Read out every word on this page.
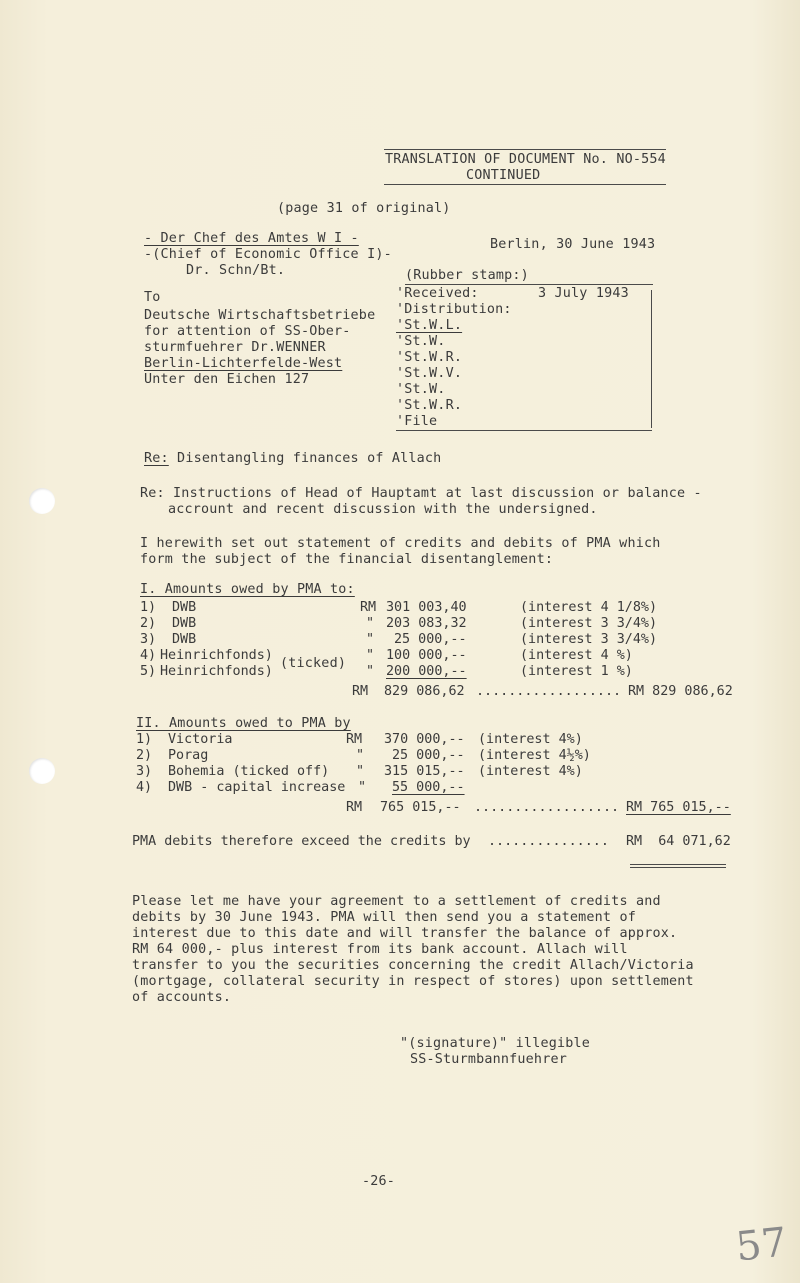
TRANSLATION OF DOCUMENT No. NO-554
CONTINUED
(page 31 of original)
- Der Chef des Amtes W I -
-(Chief of Economic Office I)-
Dr. Schn/Bt.
Berlin, 30 June 1943
To
Deutsche Wirtschaftsbetriebe
for attention of SS-Ober-
sturmfuehrer Dr.WENNER
Berlin-Lichterfelde-West
Unter den Eichen 127
(Rubber stamp:)
'Received:	3 July 1943
'Distribution:
'St.W.L.
'St.W.
'St.W.R.
'St.W.V.
'St.W.
'St.W.R.
'File
Re: Disentangling finances of Allach
Re: Instructions of Head of Hauptamt at last discussion or balance -
accrount and recent discussion with the undersigned.
I herewith set out statement of credits and debits of PMA which
form the subject of the financial disentanglement:
I. Amounts owed by PMA to:
1) DWB	RM 301 003,40	(interest 4 1/8%)
2) DWB	" 203 083,32	(interest 3 3/4%)
3) DWB	" 25 000,--	(interest 3 3/4%)
4) Heinrichfonds)	" 100 000,--	(interest 4 %)
(ticked)
5) Heinrichfonds)	" 200 000,--	(interest 1 %)
RM 829 086,62 .................. RM 829 086,62
II. Amounts owed to PMA by
1) Victoria	RM 370 000,-- (interest 4%)
2) Porag	" 25 000,-- (interest 4½%)
3) Bohemia (ticked off) " 315 015,-- (interest 4%)
4) DWB - capital increase " 55 000,--
RM 765 015,-- .................. RM 765 015,--
PMA debits therefore exceed the credits by ............... RM  64 071,62
Please let me have your agreement to a settlement of credits and
debits by 30 June 1943. PMA will then send you a statement of
interest due to this date and will transfer the balance of approx.
RM 64 000,- plus interest from its bank account. Allach will
transfer to you the securities concerning the credit Allach/Victoria
(mortgage, collateral security in respect of stores) upon settlement
of accounts.
"(signature)" illegible
SS-Sturmbannfuehrer
-26-
57
